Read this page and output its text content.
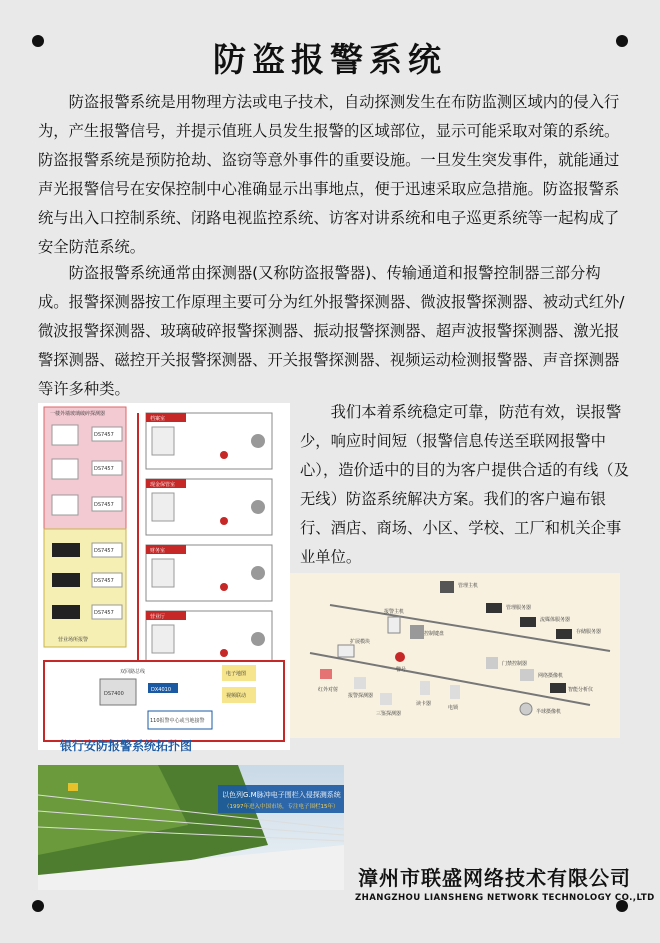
防盗报警系统
防盗报警系统是用物理方法或电子技术，自动探测发生在布防监测区域内的侵入行为，产生报警信号，并提示值班人员发生报警的区域部位，显示可能采取对策的系统。防盗报警系统是预防抢劫、盗窃等意外事件的重要设施。一旦发生突发事件，就能通过声光报警信号在安保控制中心准确显示出事地点，便于迅速采取应急措施。防盗报警系统与出入口控制系统、闭路电视监控系统、访客对讲系统和电子巡更系统等一起构成了安全防范系统。
防盗报警系统通常由探测器(又称防盗报警器)、传输通道和报警控制器三部分构成。报警探测器按工作原理主要可分为红外报警探测器、微波报警探测器、被动式红外/微波报警探测器、玻璃破碎报警探测器、振动报警探测器、超声波报警探测器、激光报警探测器、磁控开关报警探测器、开关报警探测器、视频运动检测报警器、声音探测器等许多种类。
一楼外墙玻璃破碎探测器
DS7457
DS7457
DS7457
DS7457
DS7457
DS7457
营业场所报警
档案室
现金保管室
财务室
营业厅
双回路总线
DS7400
DX4010
电子地图
视频联动
110报警中心或当地接警
银行安防报警系统拓扑图
我们本着系统稳定可靠，防范有效，误报警少，响应时间短（报警信息传送至联网报警中心），造价适中的目的为客户提供合适的有线（及无线）防盗系统解决方案。我们的客户遍布银行、酒店、商场、小区、学校、工厂和机关企事业单位。
管理主机
管理服务器
流媒体服务器
存储服务器
控制键盘
报警主机
扩展模块
门禁控制器
网络摄像机
智能分析仪
半球摄像机
红外对射
报警探测器
三鉴探测器
读卡器
电锁
警号
以色列G.M脉冲电子围栏入侵探测系统
（1997年进入中国市场，专注电子围栏15年）
漳州市联盛网络技术有限公司
ZHANGZHOU LIANSHENG NETWORK TECHNOLOGY CO.,LTD
